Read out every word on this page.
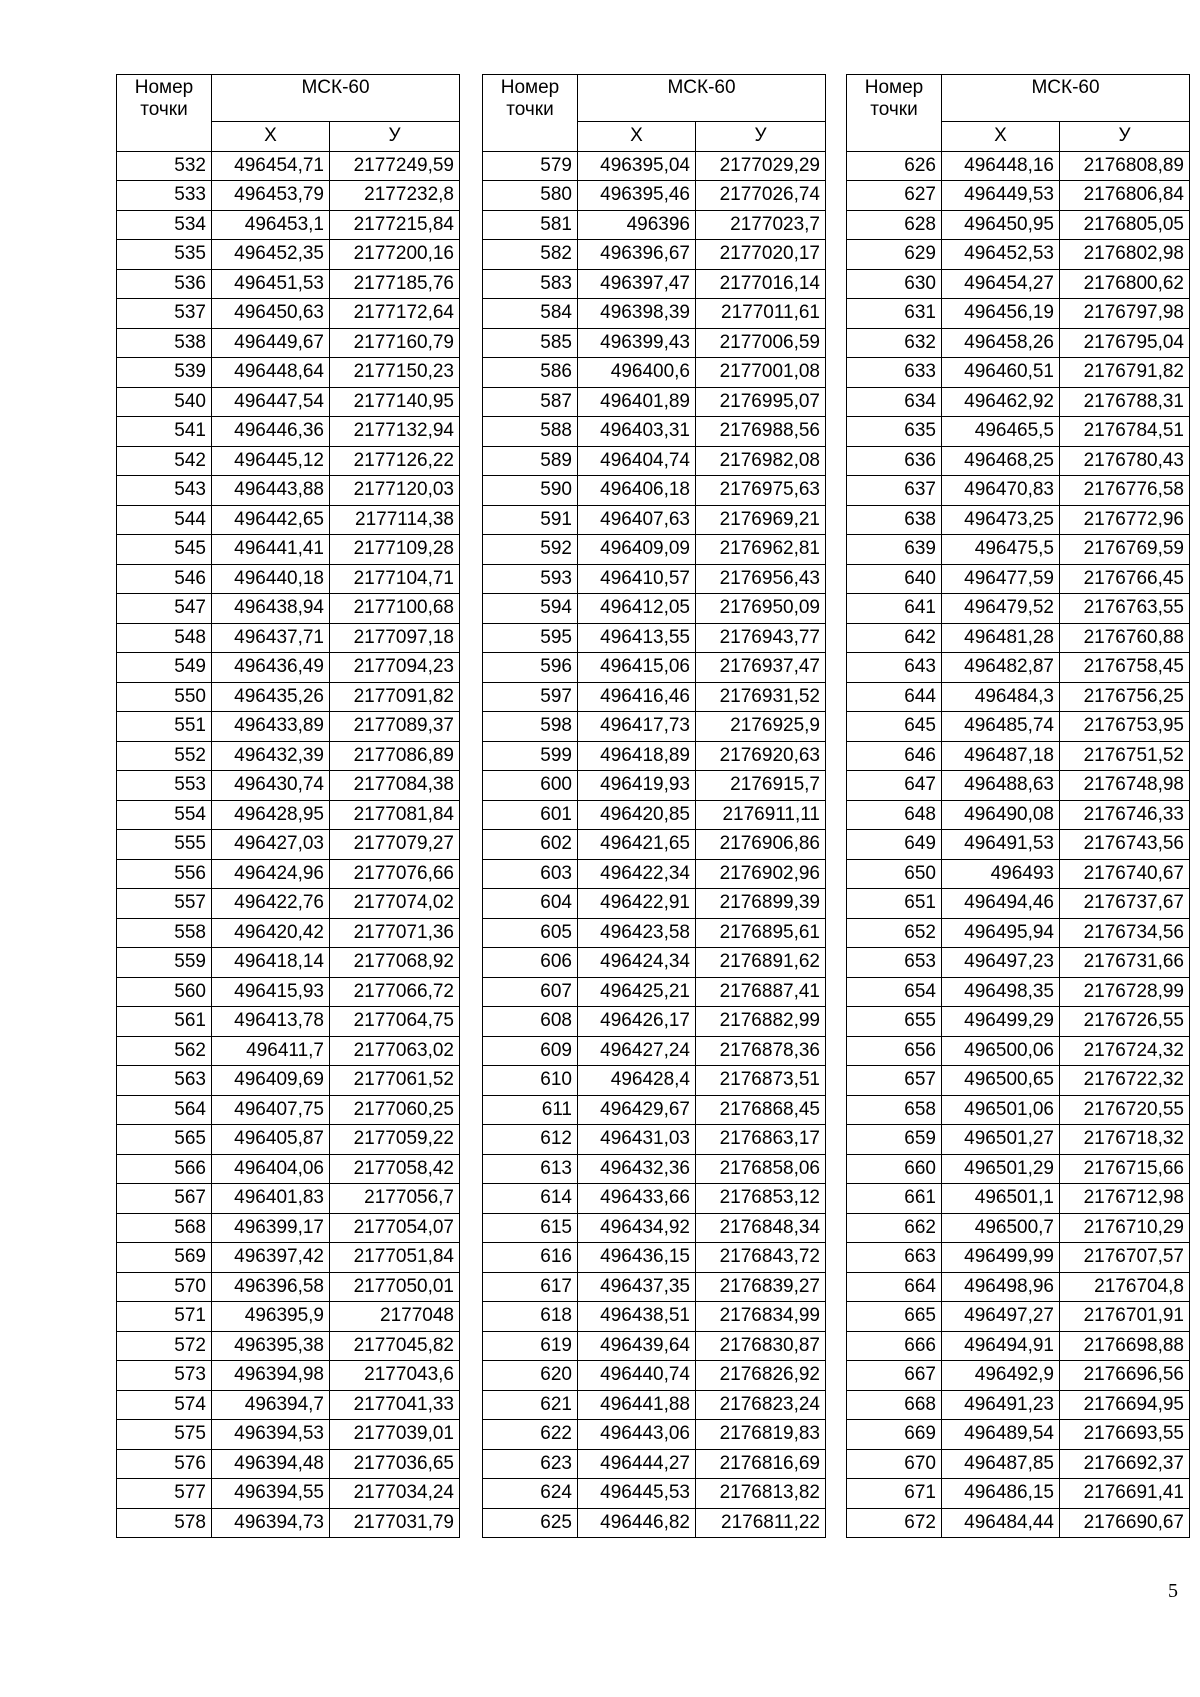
Номер
точки	МСК-60	
	Х	У
532	496454,71	2177249,59
533	496453,79	2177232,8
534	496453,1	2177215,84
535	496452,35	2177200,16
536	496451,53	2177185,76
537	496450,63	2177172,64
538	496449,67	2177160,79
539	496448,64	2177150,23
540	496447,54	2177140,95
541	496446,36	2177132,94
542	496445,12	2177126,22
543	496443,88	2177120,03
544	496442,65	2177114,38
545	496441,41	2177109,28
546	496440,18	2177104,71
547	496438,94	2177100,68
548	496437,71	2177097,18
549	496436,49	2177094,23
550	496435,26	2177091,82
551	496433,89	2177089,37
552	496432,39	2177086,89
553	496430,74	2177084,38
554	496428,95	2177081,84
555	496427,03	2177079,27
556	496424,96	2177076,66
557	496422,76	2177074,02
558	496420,42	2177071,36
559	496418,14	2177068,92
560	496415,93	2177066,72
561	496413,78	2177064,75
562	496411,7	2177063,02
563	496409,69	2177061,52
564	496407,75	2177060,25
565	496405,87	2177059,22
566	496404,06	2177058,42
567	496401,83	2177056,7
568	496399,17	2177054,07
569	496397,42	2177051,84
570	496396,58	2177050,01
571	496395,9	2177048
572	496395,38	2177045,82
573	496394,98	2177043,6
574	496394,7	2177041,33
575	496394,53	2177039,01
576	496394,48	2177036,65
577	496394,55	2177034,24
578	496394,73	2177031,79
Номер
точки	МСК-60	
	Х	У
579	496395,04	2177029,29
580	496395,46	2177026,74
581	496396	2177023,7
582	496396,67	2177020,17
583	496397,47	2177016,14
584	496398,39	2177011,61
585	496399,43	2177006,59
586	496400,6	2177001,08
587	496401,89	2176995,07
588	496403,31	2176988,56
589	496404,74	2176982,08
590	496406,18	2176975,63
591	496407,63	2176969,21
592	496409,09	2176962,81
593	496410,57	2176956,43
594	496412,05	2176950,09
595	496413,55	2176943,77
596	496415,06	2176937,47
597	496416,46	2176931,52
598	496417,73	2176925,9
599	496418,89	2176920,63
600	496419,93	2176915,7
601	496420,85	2176911,11
602	496421,65	2176906,86
603	496422,34	2176902,96
604	496422,91	2176899,39
605	496423,58	2176895,61
606	496424,34	2176891,62
607	496425,21	2176887,41
608	496426,17	2176882,99
609	496427,24	2176878,36
610	496428,4	2176873,51
611	496429,67	2176868,45
612	496431,03	2176863,17
613	496432,36	2176858,06
614	496433,66	2176853,12
615	496434,92	2176848,34
616	496436,15	2176843,72
617	496437,35	2176839,27
618	496438,51	2176834,99
619	496439,64	2176830,87
620	496440,74	2176826,92
621	496441,88	2176823,24
622	496443,06	2176819,83
623	496444,27	2176816,69
624	496445,53	2176813,82
625	496446,82	2176811,22
Номер
точки	МСК-60	
	Х	У
626	496448,16	2176808,89
627	496449,53	2176806,84
628	496450,95	2176805,05
629	496452,53	2176802,98
630	496454,27	2176800,62
631	496456,19	2176797,98
632	496458,26	2176795,04
633	496460,51	2176791,82
634	496462,92	2176788,31
635	496465,5	2176784,51
636	496468,25	2176780,43
637	496470,83	2176776,58
638	496473,25	2176772,96
639	496475,5	2176769,59
640	496477,59	2176766,45
641	496479,52	2176763,55
642	496481,28	2176760,88
643	496482,87	2176758,45
644	496484,3	2176756,25
645	496485,74	2176753,95
646	496487,18	2176751,52
647	496488,63	2176748,98
648	496490,08	2176746,33
649	496491,53	2176743,56
650	496493	2176740,67
651	496494,46	2176737,67
652	496495,94	2176734,56
653	496497,23	2176731,66
654	496498,35	2176728,99
655	496499,29	2176726,55
656	496500,06	2176724,32
657	496500,65	2176722,32
658	496501,06	2176720,55
659	496501,27	2176718,32
660	496501,29	2176715,66
661	496501,1	2176712,98
662	496500,7	2176710,29
663	496499,99	2176707,57
664	496498,96	2176704,8
665	496497,27	2176701,91
666	496494,91	2176698,88
667	496492,9	2176696,56
668	496491,23	2176694,95
669	496489,54	2176693,55
670	496487,85	2176692,37
671	496486,15	2176691,41
672	496484,44	2176690,67
5
